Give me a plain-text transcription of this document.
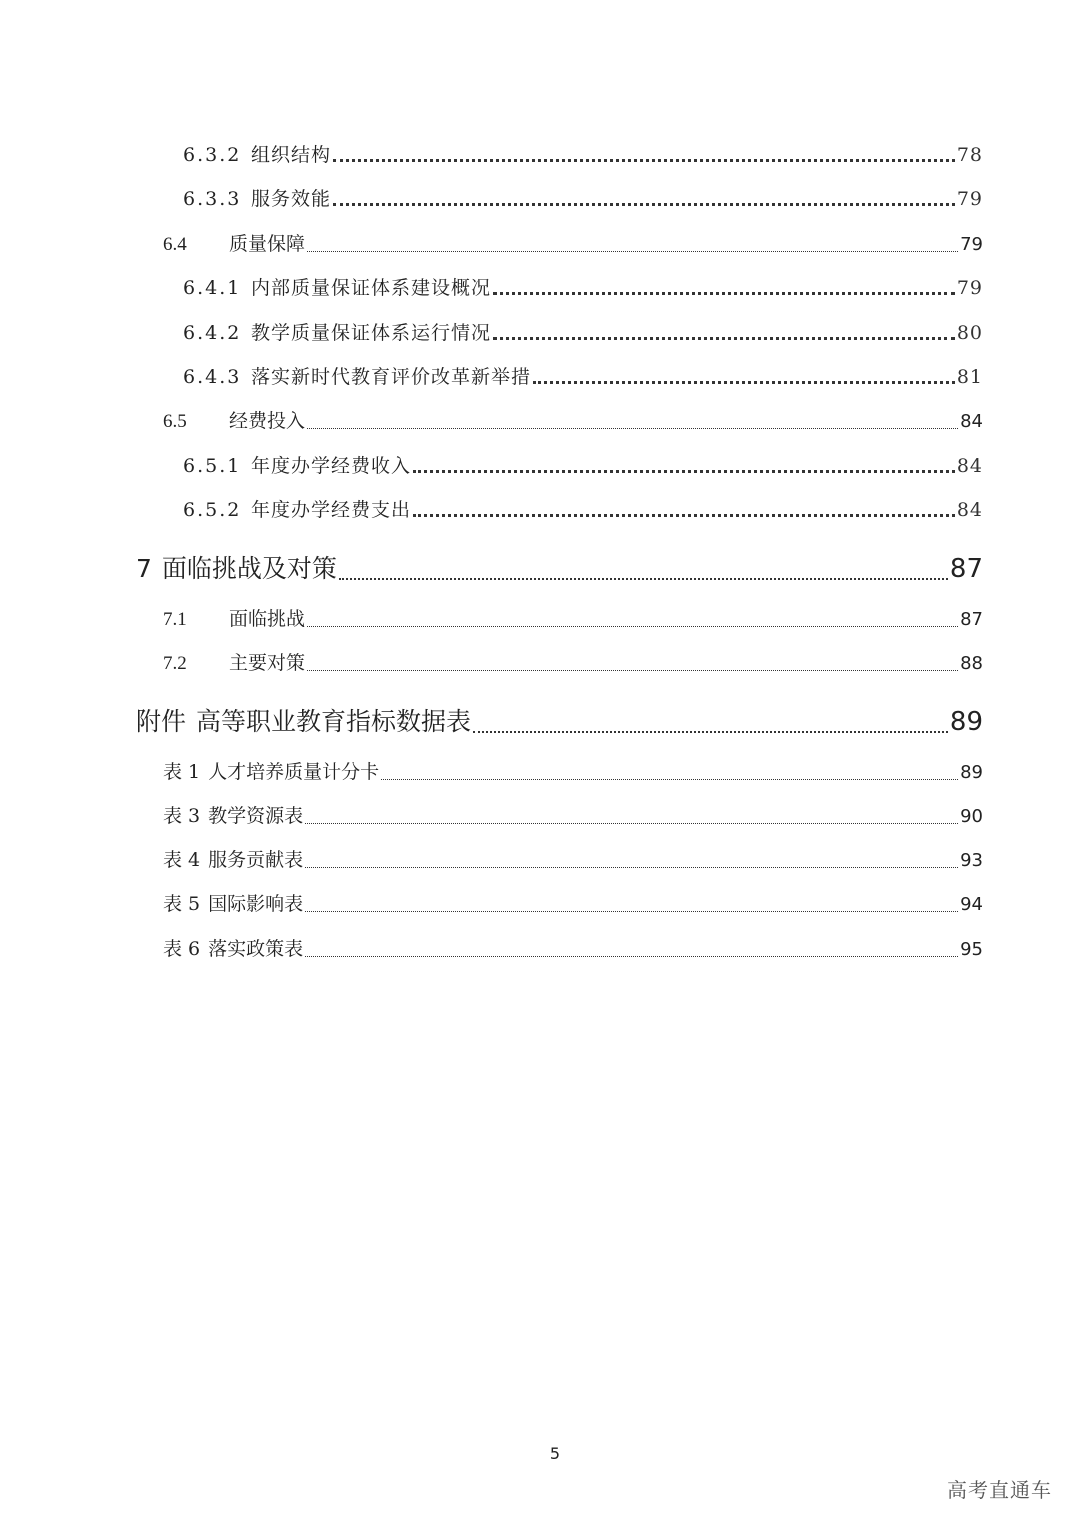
6.3.2 组织结构	78
6.3.3 服务效能	79
6.4	质量保障	79
6.4.1 内部质量保证体系建设概况	79
6.4.2 教学质量保证体系运行情况	80
6.4.3 落实新时代教育评价改革新举措	81
6.5	经费投入	84
6.5.1 年度办学经费收入	84
6.5.2 年度办学经费支出	84
7 面临挑战及对策	87
7.1	面临挑战	87
7.2	主要对策	88
附件 高等职业教育指标数据表	89
表 1 人才培养质量计分卡	89
表 3 教学资源表	90
表 4 服务贡献表	93
表 5 国际影响表	94
表 6 落实政策表	95
5
高考直通车
